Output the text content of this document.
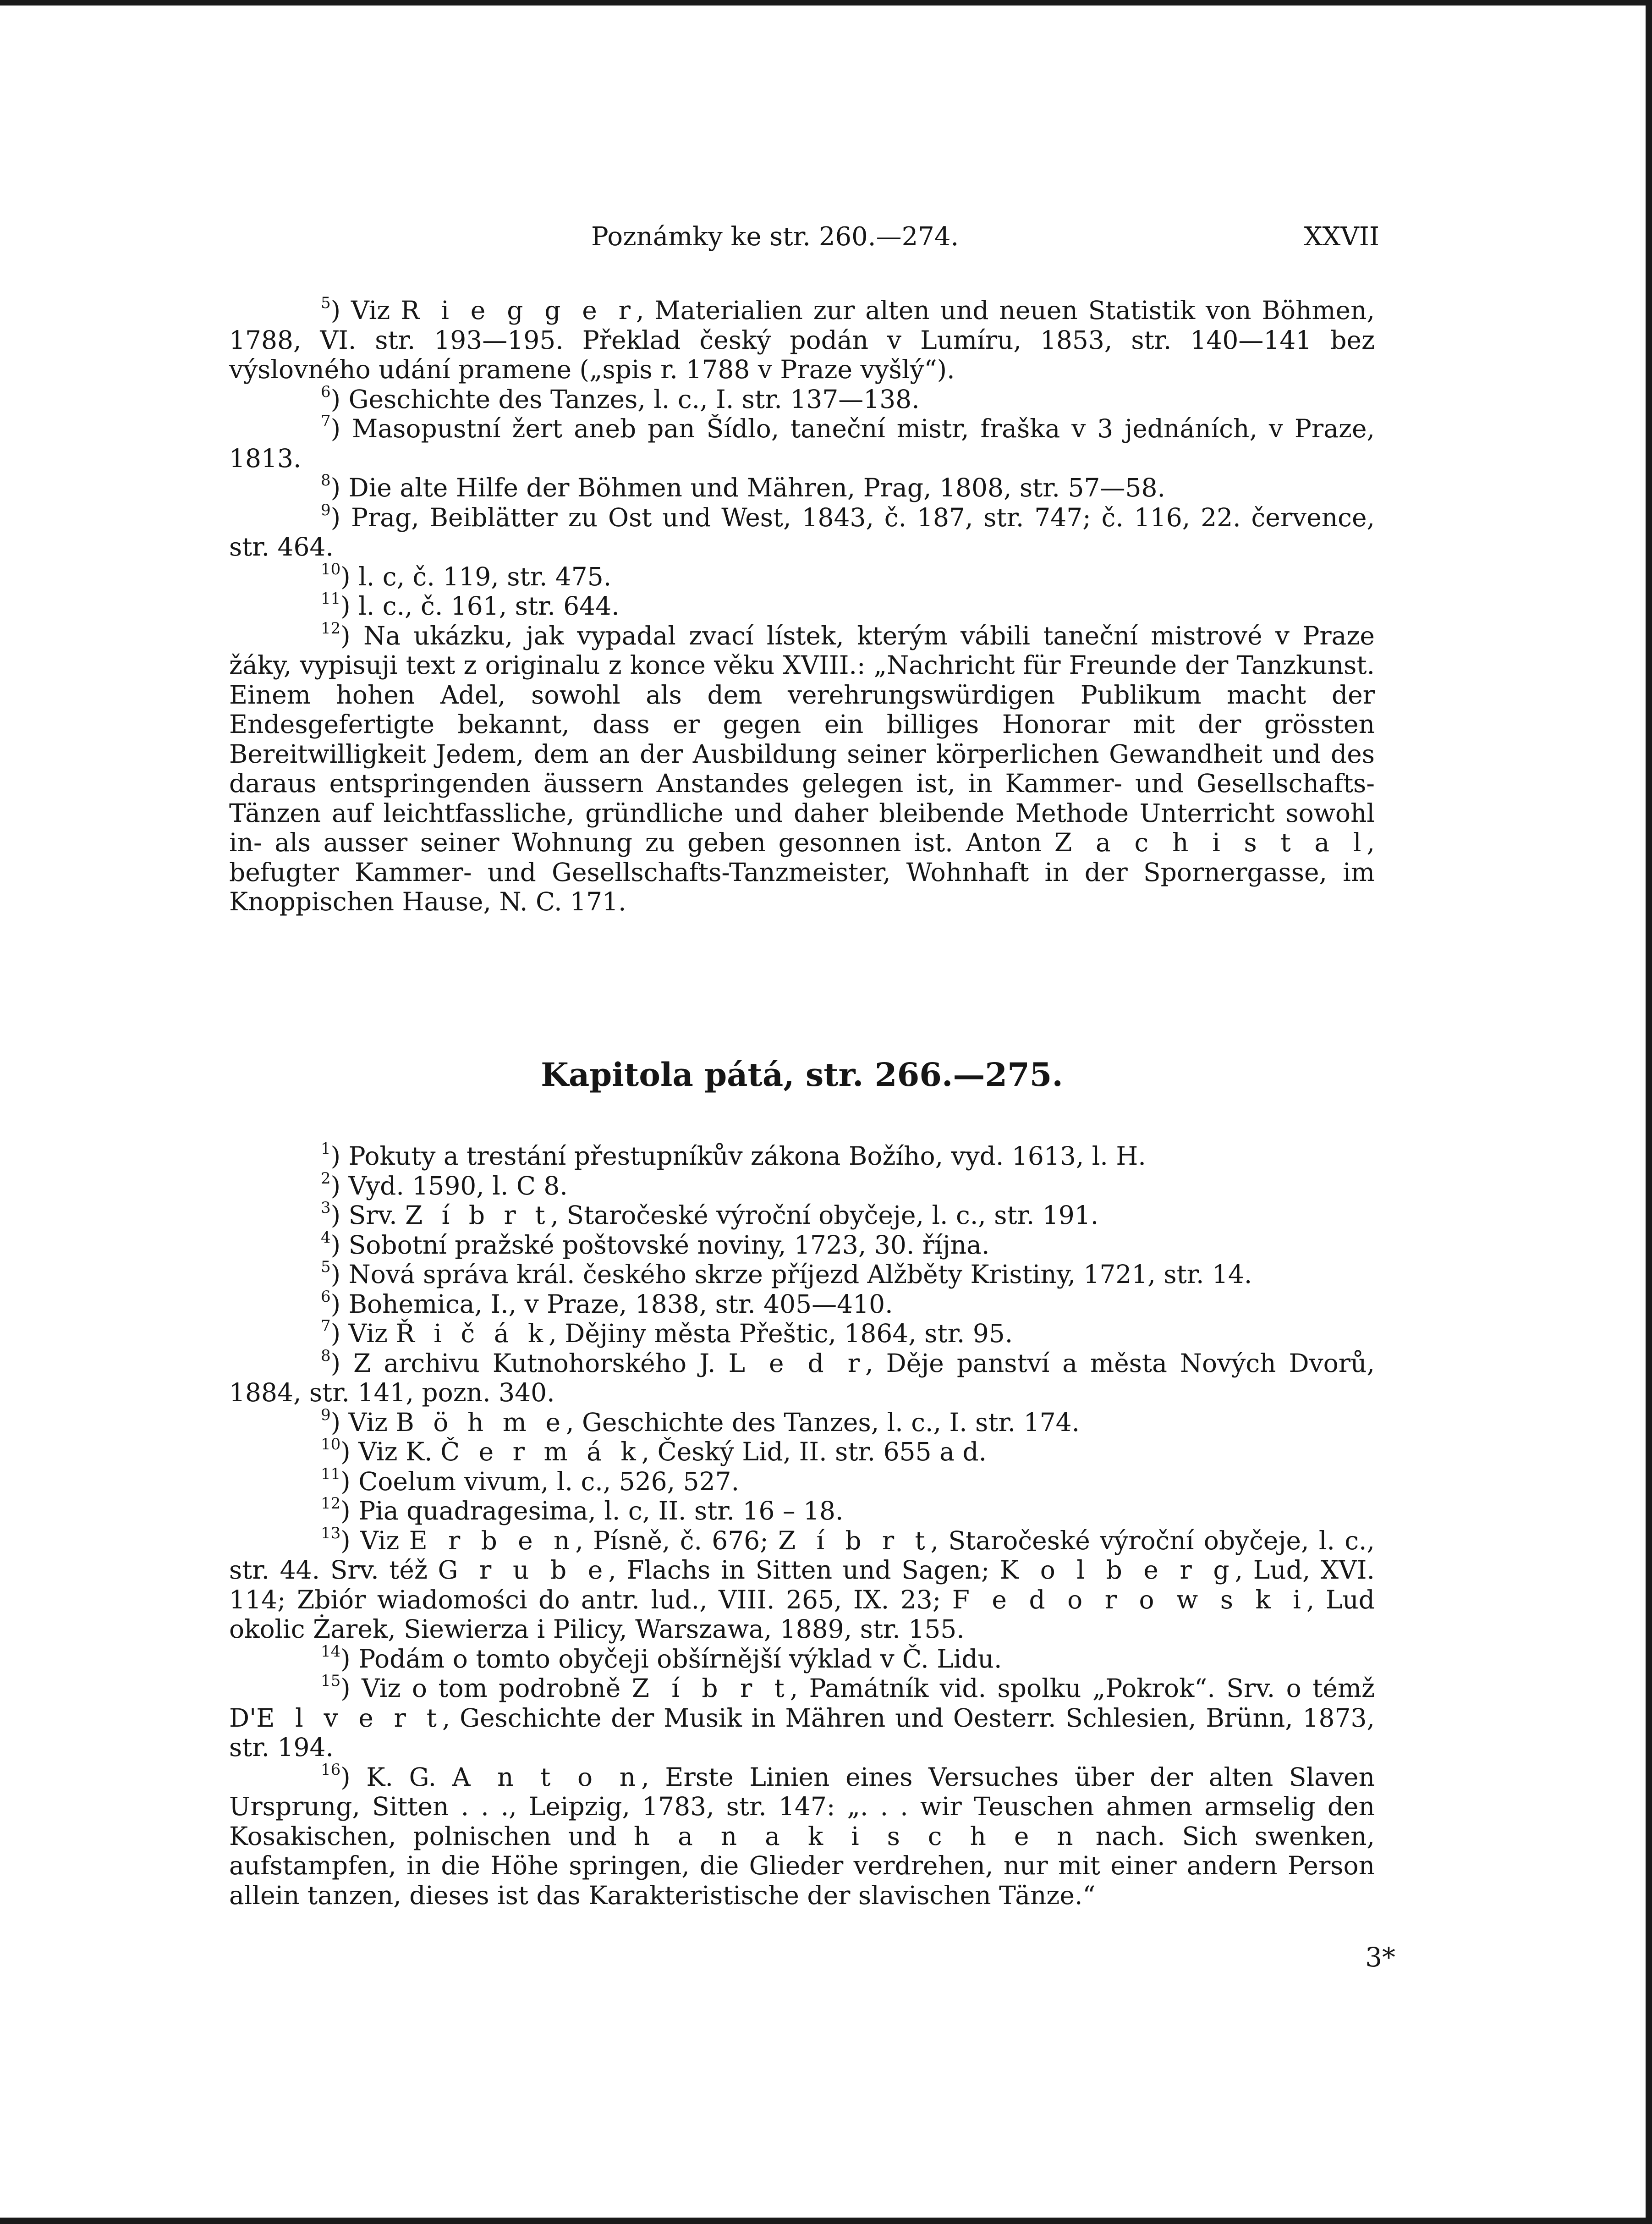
Poznámky ke str. 260.—274.	XXVII

$^5$) Viz R i e g g e r, Materialien zur alten und neuen Statistik von Böhmen, 1788, VI. str. 193—195. Překlad český podán v Lumíru, 1853, str. 140—141 bez výslovného udání pramene („spis r. 1788 v Praze vyšlý“).

$^6$) Geschichte des Tanzes, l. c., I. str. 137—138.

$^7$) Masopustní žert aneb pan Šídlo, taneční mistr, fraška v 3 jednáních, v Praze, 1813.

$^8$) Die alte Hilfe der Böhmen und Mähren, Prag, 1808, str. 57—58.

$^9$) Prag, Beiblätter zu Ost und West, 1843, č. 187, str. 747; č. 116, 22. července, str. 464.

$^{10}$) l. c, č. 119, str. 475.

$^{11}$) l. c., č. 161, str. 644.

$^{12}$) Na ukázku, jak vypadal zvací lístek, kterým vábili taneční mistrové v Praze žáky, vypisuji text z originalu z konce věku XVIII.: „Nachricht für Freunde der Tanzkunst. Einem hohen Adel, sowohl als dem verehrungswürdigen Publikum macht der Endesgefertigte bekannt, dass er gegen ein billiges Honorar mit der grössten Bereitwilligkeit Jedem, dem an der Ausbildung seiner körperlichen Gewandheit und des daraus entspringenden äussern Anstandes gelegen ist, in Kammer- und Gesellschafts-Tänzen auf leichtfassliche, gründliche und daher bleibende Methode Unterricht sowohl in- als ausser seiner Wohnung zu geben gesonnen ist. Anton Z a c h i s t a l, befugter Kammer- und Gesellschafts-Tanzmeister, Wohnhaft in der Spornergasse, im Knoppischen Hause, N. C. 171.

Kapitola pátá, str. 266.—275.

$^1$) Pokuty a trestání přestupníkův zákona Božího, vyd. 1613, l. H.

$^2$) Vyd. 1590, l. C 8.

$^3$) Srv. Z í b r t, Staročeské výroční obyčeje, l. c., str. 191.

$^4$) Sobotní pražské poštovské noviny, 1723, 30. října.

$^5$) Nová správa král. českého skrze příjezd Alžběty Kristiny, 1721, str. 14.

$^6$) Bohemica, I., v Praze, 1838, str. 405—410.

$^7$) Viz Ř i č á k, Dějiny města Přeštic, 1864, str. 95.

$^8$) Z archivu Kutnohorského J. L e d r, Děje panství a města Nových Dvorů, 1884, str. 141, pozn. 340.

$^9$) Viz B ö h m e, Geschichte des Tanzes, l. c., I. str. 174.

$^{10}$) Viz K. Č e r m á k, Český Lid, II. str. 655 a d.

$^{11}$) Coelum vivum, l. c., 526, 527.

$^{12}$) Pia quadragesima, l. c, II. str. 16 – 18.

$^{13}$) Viz E r b e n, Písně, č. 676; Z í b r t, Staročeské výroční obyčeje, l. c., str. 44. Srv. též G r u b e, Flachs in Sitten und Sagen; K o l b e r g, Lud, XVI. 114; Zbiór wiadomości do antr. lud., VIII. 265, IX. 23; F e d o r o w s k i, Lud okolic Żarek, Siewierza i Pilicy, Warszawa, 1889, str. 155.

$^{14}$) Podám o tomto obyčeji obšírnější výklad v Č. Lidu.

$^{15}$) Viz o tom podrobně Z í b r t, Památník vid. spolku „Pokrok“. Srv. o témž D'E l v e r t, Geschichte der Musik in Mähren und Oesterr. Schlesien, Brünn, 1873, str. 194.

$^{16}$) K. G. A n t o n, Erste Linien eines Versuches über der alten Slaven Ursprung, Sitten . . ., Leipzig, 1783, str. 147: „. . . wir Teuschen ahmen armselig den Kosakischen, polnischen und h a n a k i s c h e n nach. Sich swenken, aufstampfen, in die Höhe springen, die Glieder verdrehen, nur mit einer andern Person allein tanzen, dieses ist das Karakteristische der slavischen Tänze.“

3*
